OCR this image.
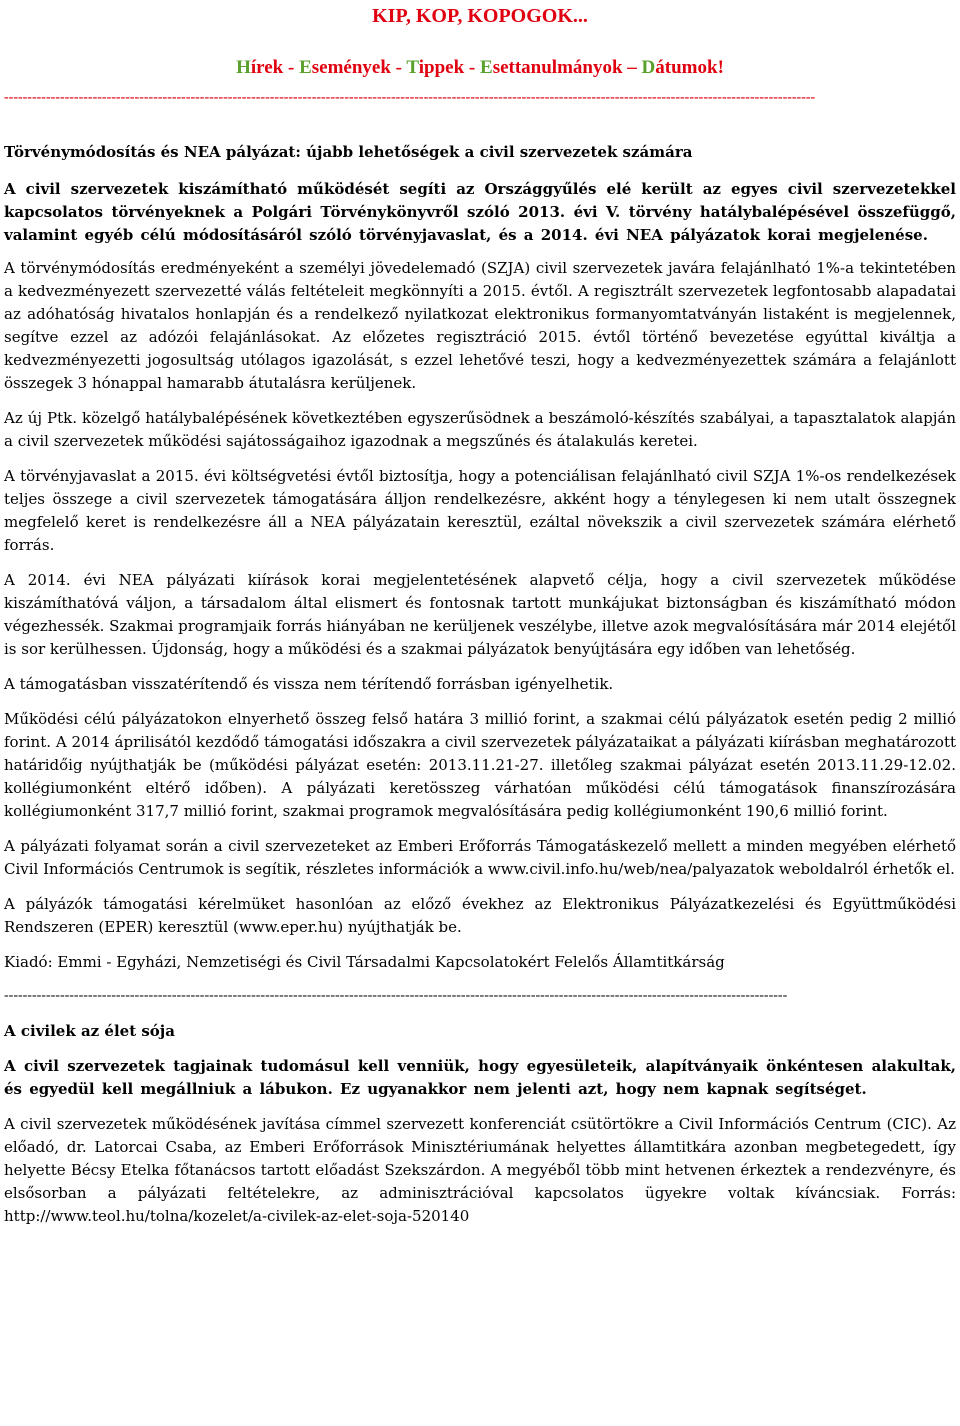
KIP, KOP, KOPOGOK...
Hírek - Események - Tippek - Esettanulmányok – Dátumok!
------------------------------------------------------------------------------------------------------------------------------------------------------------------------------
Törvénymódosítás és NEA pályázat: újabb lehetőségek a civil szervezetek számára

A civil szervezetek kiszámítható működését segíti az Országgyűlés elé került az egyes civil szervezetekkel kapcsolatos törvényeknek a Polgári Törvénykönyvről szóló 2013. évi V. törvény hatálybalépésével összefüggő, valamint egyéb célú módosításáról szóló törvényjavaslat, és a 2014. évi NEA pályázatok korai megjelenése.

A törvénymódosítás eredményeként a személyi jövedelemadó (SZJA) civil szervezetek javára felajánlható 1%-a tekintetében a kedvezményezett szervezetté válás feltételeit megkönnyíti a 2015. évtől. A regisztrált szervezetek legfontosabb alapadatai az adóhatóság hivatalos honlapján és a rendelkező nyilatkozat elektronikus formanyomtatványán listaként is megjelennek, segítve ezzel az adózói felajánlásokat. Az előzetes regisztráció 2015. évtől történő bevezetése egyúttal kiváltja a kedvezményezetti jogosultság utólagos igazolását, s ezzel lehetővé teszi, hogy a kedvezményezettek számára a felajánlott összegek 3 hónappal hamarabb átutalásra kerüljenek.

Az új Ptk. közelgő hatálybalépésének következtében egyszerűsödnek a beszámoló-készítés szabályai, a tapasztalatok alapján a civil szervezetek működési sajátosságaihoz igazodnak a megszűnés és átalakulás keretei.

A törvényjavaslat a 2015. évi költségvetési évtől biztosítja, hogy a potenciálisan felajánlható civil SZJA 1%-os rendelkezések teljes összege a civil szervezetek támogatására álljon rendelkezésre, akként hogy a ténylegesen ki nem utalt összegnek megfelelő keret is rendelkezésre áll a NEA pályázatain keresztül, ezáltal növekszik a civil szervezetek számára elérhető forrás.

A 2014. évi NEA pályázati kiírások korai megjelentetésének alapvető célja, hogy a civil szervezetek működése kiszámíthatóvá váljon, a társadalom által elismert és fontosnak tartott munkájukat biztonságban és kiszámítható módon végezhessék. Szakmai programjaik forrás hiányában ne kerüljenek veszélybe, illetve azok megvalósítására már 2014 elejétől is sor kerülhessen. Újdonság, hogy a működési és a szakmai pályázatok benyújtására egy időben van lehetőség.

A támogatásban visszatérítendő és vissza nem térítendő forrásban igényelhetik.

Működési célú pályázatokon elnyerhető összeg felső határa 3 millió forint, a szakmai célú pályázatok esetén pedig 2 millió forint. A 2014 áprilisától kezdődő támogatási időszakra a civil szervezetek pályázataikat a pályázati kiírásban meghatározott határidőig nyújthatják be (működési pályázat esetén: 2013.11.21-27. illetőleg szakmai pályázat esetén 2013.11.29-12.02. kollégiumonként eltérő időben). A pályázati keretösszeg várhatóan működési célú támogatások finanszírozására kollégiumonként 317,7 millió forint, szakmai programok megvalósítására pedig kollégiumonként 190,6 millió forint.

A pályázati folyamat során a civil szervezeteket az Emberi Erőforrás Támogatáskezelő mellett a minden megyében elérhető Civil Információs Centrumok is segítik, részletes információk a www.civil.info.hu/web/nea/palyazatok weboldalról érhetők el.

A pályázók támogatási kérelmüket hasonlóan az előző évekhez az Elektronikus Pályázatkezelési és Együttműködési Rendszeren (EPER) keresztül (www.eper.hu) nyújthatják be.

Kiadó: Emmi - Egyházi, Nemzetiségi és Civil Társadalmi Kapcsolatokért Felelős Államtitkárság

------------------------------------------------------------------------------------------------------------------------------------------------------------------------

A civilek az élet sója

A civil szervezetek tagjainak tudomásul kell venniük, hogy egyesületeik, alapítványaik önkéntesen alakultak, és egyedül kell megállniuk a lábukon. Ez ugyanakkor nem jelenti azt, hogy nem kapnak segítséget.

A civil szervezetek működésének javítása címmel szervezett konferenciát csütörtökre a Civil Információs Centrum (CIC). Az előadó, dr. Latorcai Csaba, az Emberi Erőforrások Minisztériumának helyettes államtitkára azonban megbetegedett, így helyette Bécsy Etelka főtanácsos tartott előadást Szekszárdon. A megyéből több mint hetvenen érkeztek a rendezvényre, és elsősorban a pályázati feltételekre, az adminisztrációval kapcsolatos ügyekre voltak kíváncsiak. Forrás: http://www.teol.hu/tolna/kozelet/a-civilek-az-elet-soja-520140
